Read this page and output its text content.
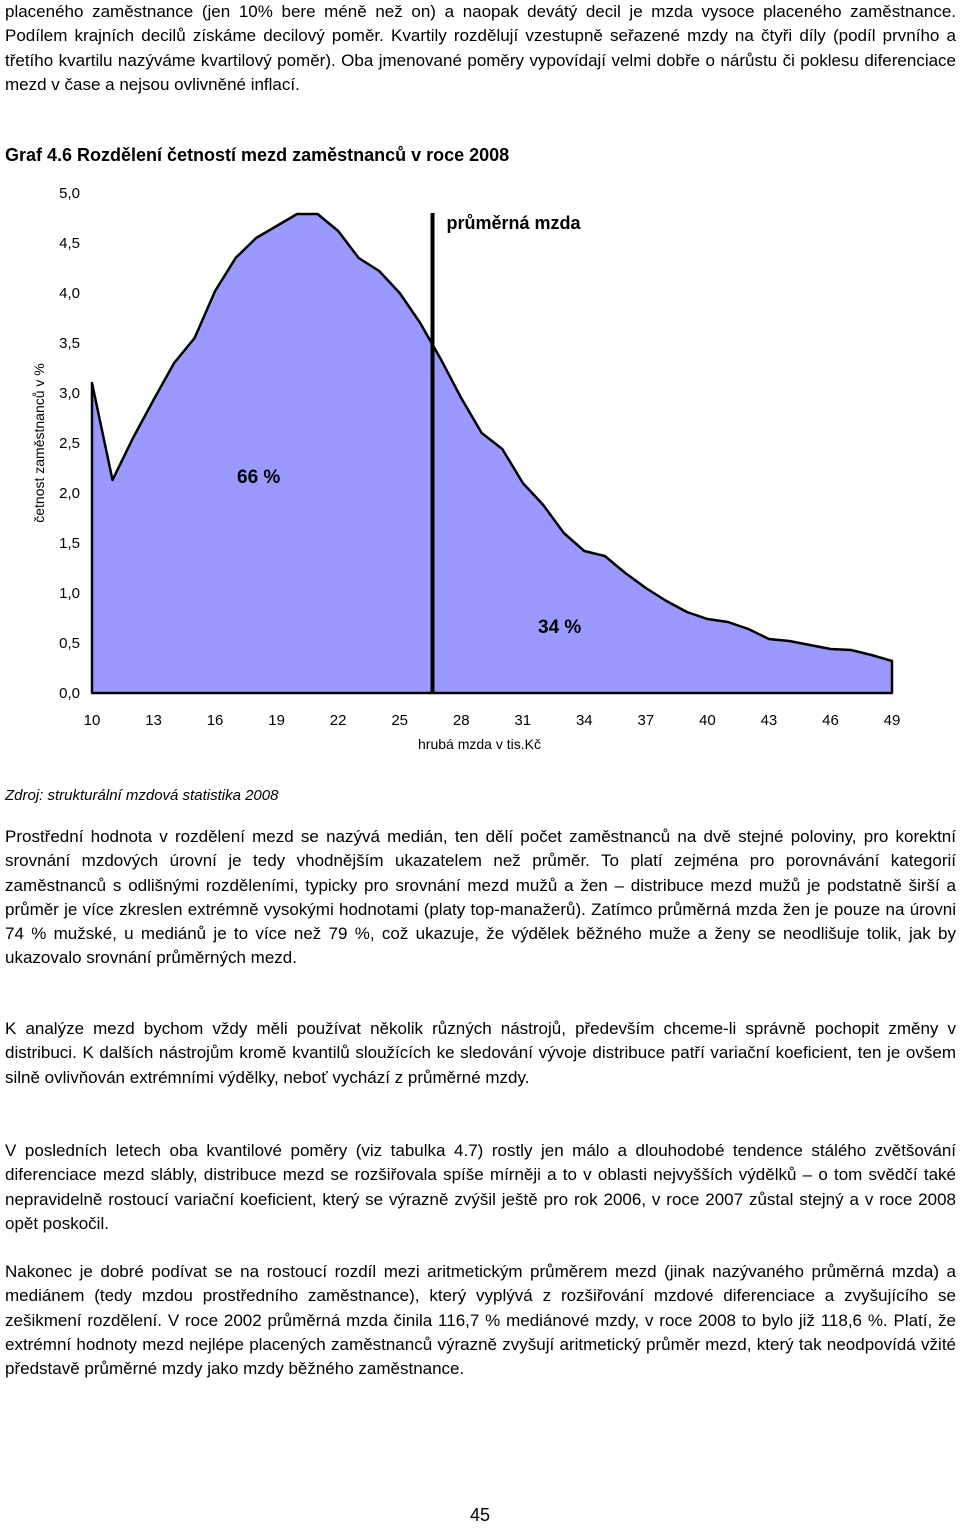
placeného zaměstnance (jen 10% bere méně než on) a naopak devátý decil je mzda vysoce placeného zaměstnance. Podílem krajních decilů získáme decilový poměr. Kvartily rozdělují vzestupně seřazené mzdy na čtyři díly (podíl prvního a třetího kvartilu nazýváme kvartilový poměr). Oba jmenované poměry vypovídají velmi dobře o nárůstu či poklesu diferenciace mezd v čase a nejsou ovlivněné inflací.

Graf 4.6 Rozdělení četností mezd zaměstnanců v roce 2008

0,0
0,5
1,0
1,5
2,0
2,5
3,0
3,5
4,0
4,5
5,0
průměrná mzda
66 %
34 %
10	13	16	19	22	25	28	31	34	37	40	43	46	49
hrubá mzda v tis.Kč
četnost zaměstnanců v %

Zdroj: strukturální mzdová statistika 2008

Prostřední hodnota v rozdělení mezd se nazývá medián, ten dělí počet zaměstnanců na dvě stejné poloviny, pro korektní srovnání mzdových úrovní je tedy vhodnějším ukazatelem než průměr. To platí zejména pro porovnávání kategorií zaměstnanců s odlišnými rozděleními, typicky pro srovnání mezd mužů a žen – distribuce mezd mužů je podstatně širší a průměr je více zkreslen extrémně vysokými hodnotami (platy top-manažerů). Zatímco průměrná mzda žen je pouze na úrovni 74 % mužské, u mediánů je to více než 79 %, což ukazuje, že výdělek běžného muže a ženy se neodlišuje tolik, jak by ukazovalo srovnání průměrných mezd.

K analýze mezd bychom vždy měli používat několik různých nástrojů, především chceme-li správně pochopit změny v distribuci. K dalších nástrojům kromě kvantilů sloužících ke sledování vývoje distribuce patří variační koeficient, ten je ovšem silně ovlivňován extrémními výdělky, neboť vychází z průměrné mzdy.

V posledních letech oba kvantilové poměry (viz tabulka 4.7) rostly jen málo a dlouhodobé tendence stálého zvětšování diferenciace mezd slábly, distribuce mezd se rozšiřovala spíše mírněji a to v oblasti nejvyšších výdělků – o tom svědčí také nepravidelně rostoucí variační koeficient, který se výrazně zvýšil ještě pro rok 2006, v roce 2007 zůstal stejný a v roce 2008 opět poskočil.

Nakonec je dobré podívat se na rostoucí rozdíl mezi aritmetickým průměrem mezd (jinak nazývaného průměrná mzda) a mediánem (tedy mzdou prostředního zaměstnance), který vyplývá z rozšiřování mzdové diferenciace a zvyšujícího se zešikmení rozdělení. V roce 2002 průměrná mzda činila 116,7 % mediánové mzdy, v roce 2008 to bylo již 118,6 %. Platí, že extrémní hodnoty mezd nejlépe placených zaměstnanců výrazně zvyšují aritmetický průměr mezd, který tak neodpovídá vžité představě průměrné mzdy jako mzdy běžného zaměstnance.

45
